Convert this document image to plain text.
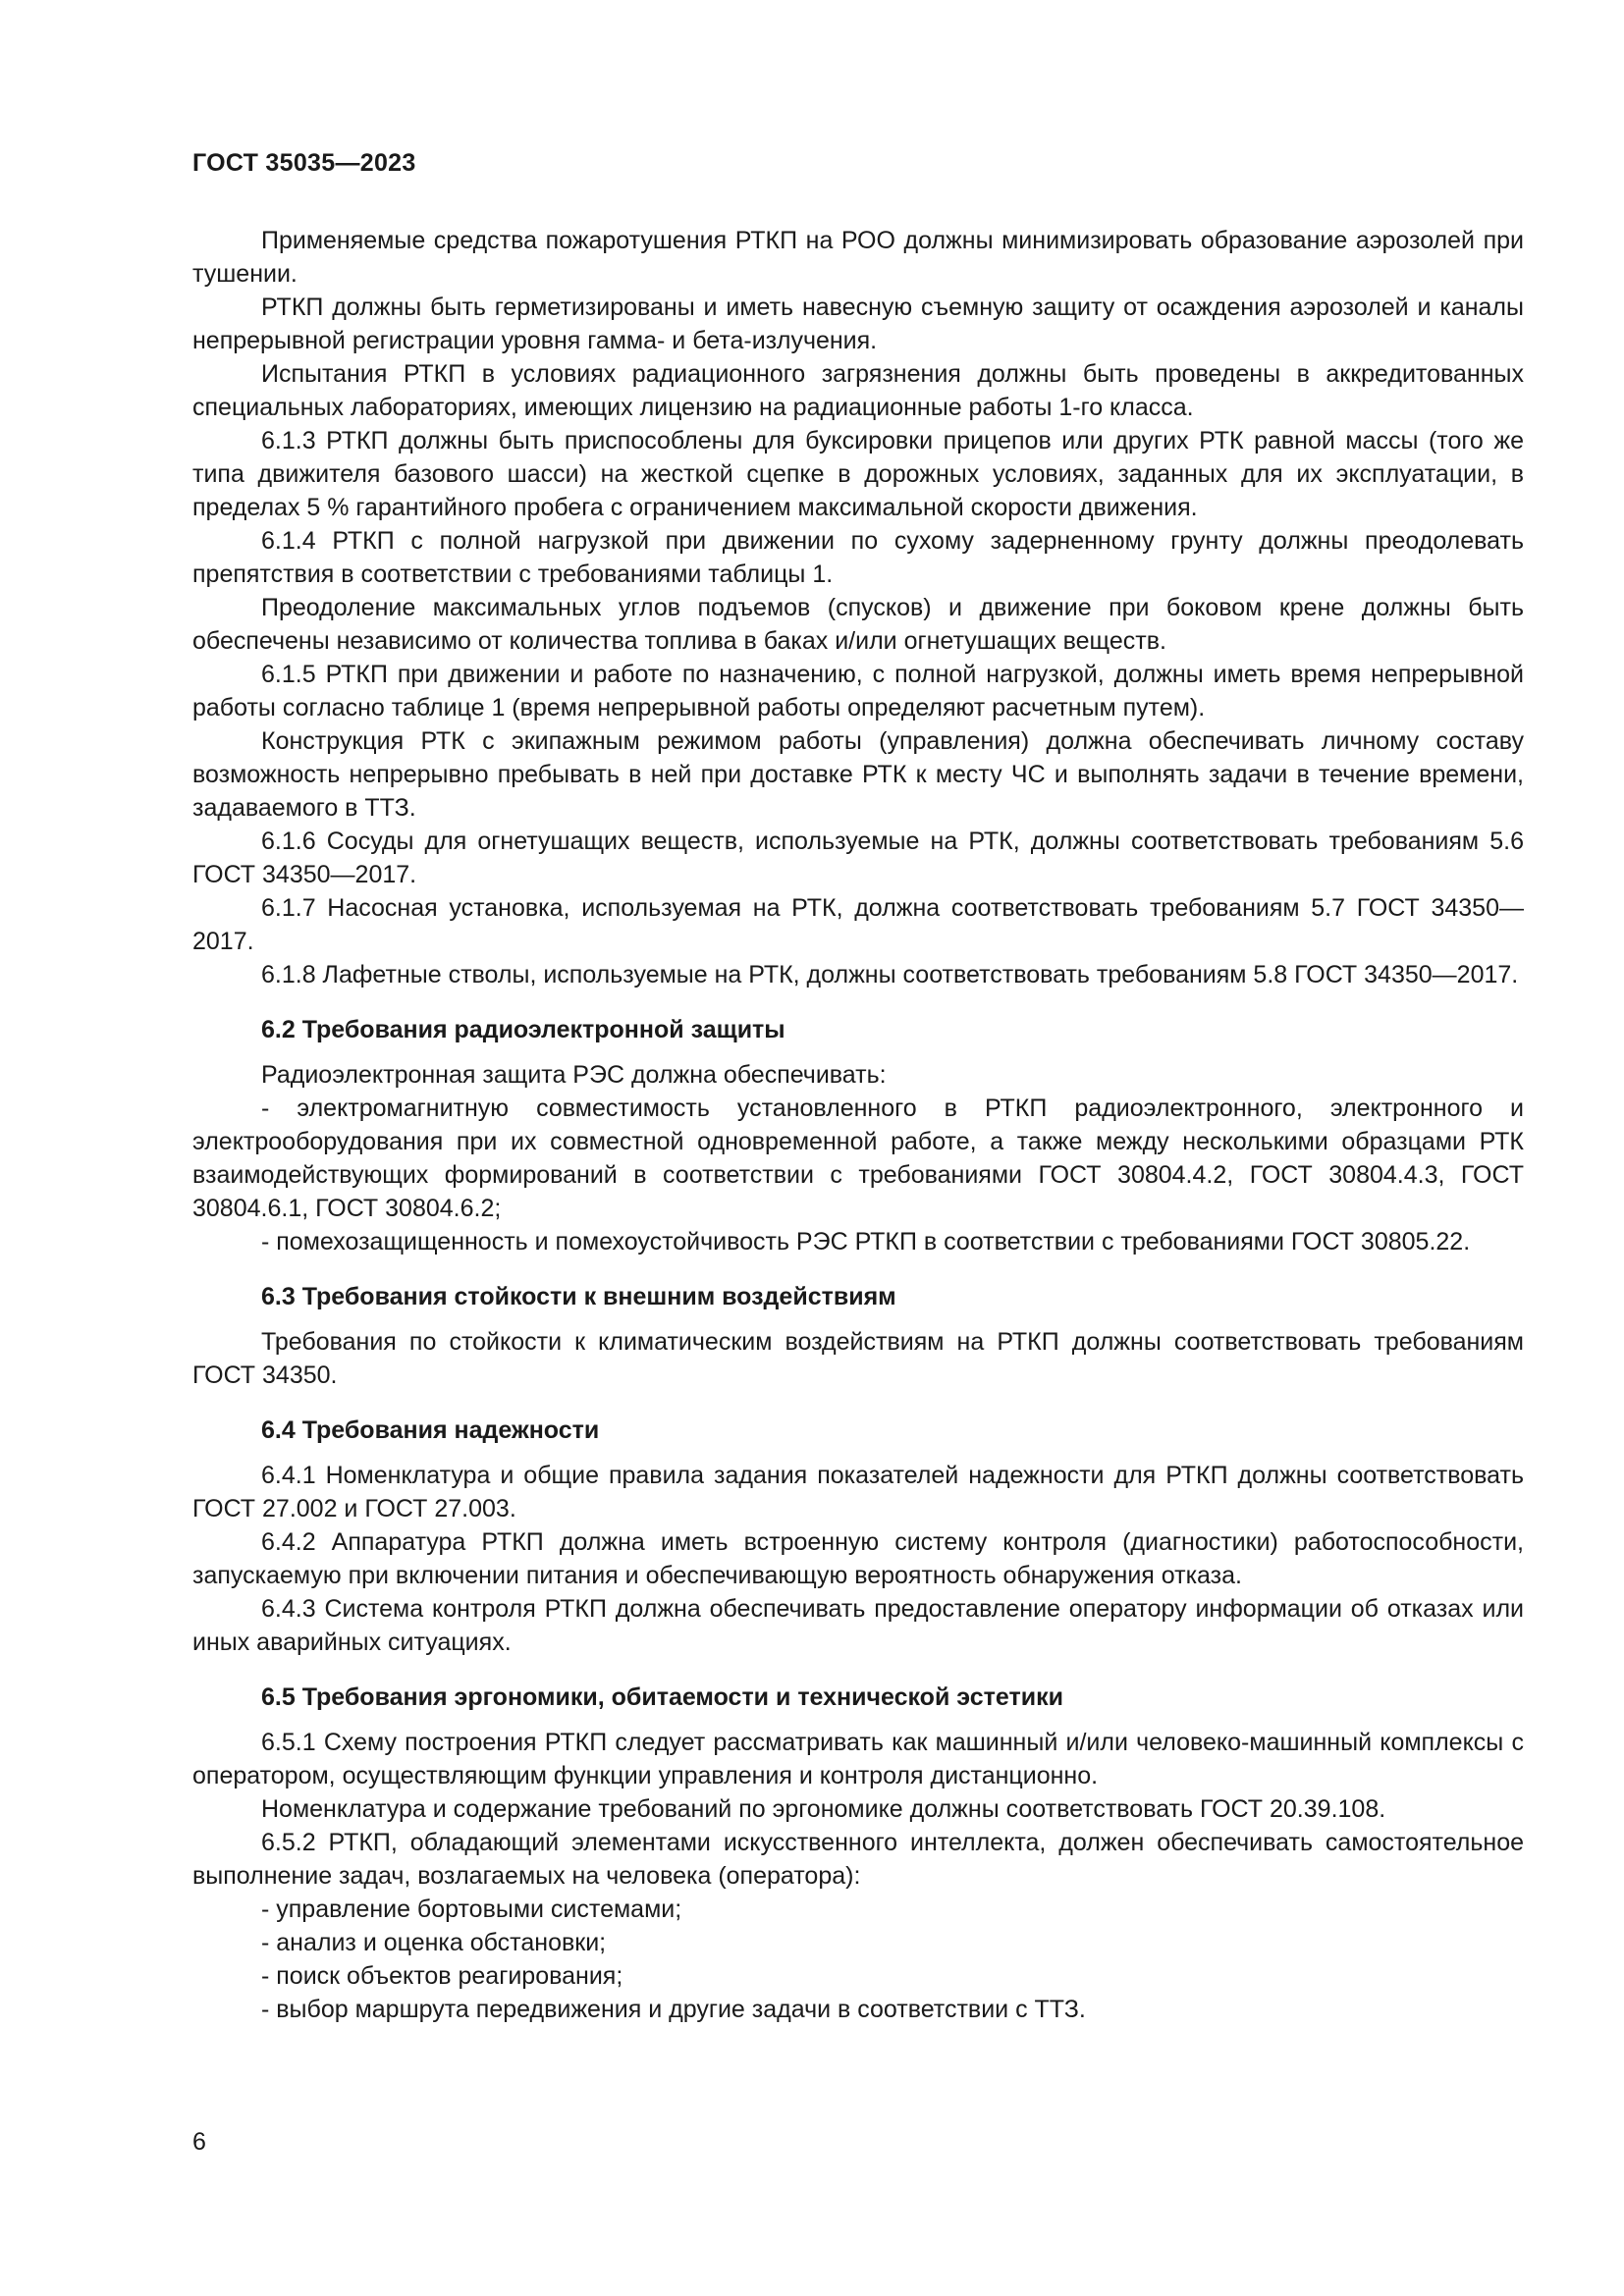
ГОСТ 35035—2023

Применяемые средства пожаротушения РТКП на РОО должны минимизировать образование аэрозолей при тушении.

РТКП должны быть герметизированы и иметь навесную съемную защиту от осаждения аэрозолей и каналы непрерывной регистрации уровня гамма- и бета-излучения.

Испытания РТКП в условиях радиационного загрязнения должны быть проведены в аккредитованных специальных лабораториях, имеющих лицензию на радиационные работы 1-го класса.

6.1.3 РТКП должны быть приспособлены для буксировки прицепов или других РТК равной массы (того же типа движителя базового шасси) на жесткой сцепке в дорожных условиях, заданных для их эксплуатации, в пределах 5 % гарантийного пробега с ограничением максимальной скорости движения.

6.1.4 РТКП с полной нагрузкой при движении по сухому задерненному грунту должны преодолевать препятствия в соответствии с требованиями таблицы 1.

Преодоление максимальных углов подъемов (спусков) и движение при боковом крене должны быть обеспечены независимо от количества топлива в баках и/или огнетушащих веществ.

6.1.5 РТКП при движении и работе по назначению, с полной нагрузкой, должны иметь время непрерывной работы согласно таблице 1 (время непрерывной работы определяют расчетным путем).

Конструкция РТК с экипажным режимом работы (управления) должна обеспечивать личному составу возможность непрерывно пребывать в ней при доставке РТК к месту ЧС и выполнять задачи в течение времени, задаваемого в ТТЗ.

6.1.6 Сосуды для огнетушащих веществ, используемые на РТК, должны соответствовать требованиям 5.6 ГОСТ 34350—2017.

6.1.7 Насосная установка, используемая на РТК, должна соответствовать требованиям 5.7 ГОСТ 34350—2017.

6.1.8 Лафетные стволы, используемые на РТК, должны соответствовать требованиям 5.8 ГОСТ 34350—2017.

6.2 Требования радиоэлектронной защиты

Радиоэлектронная защита РЭС должна обеспечивать:

- электромагнитную совместимость установленного в РТКП радиоэлектронного, электронного и электрооборудования при их совместной одновременной работе, а также между несколькими образцами РТК взаимодействующих формирований в соответствии с требованиями ГОСТ 30804.4.2, ГОСТ 30804.4.3, ГОСТ 30804.6.1, ГОСТ 30804.6.2;

- помехозащищенность и помехоустойчивость РЭС РТКП в соответствии с требованиями ГОСТ 30805.22.

6.3 Требования стойкости к внешним воздействиям

Требования по стойкости к климатическим воздействиям на РТКП должны соответствовать требованиям ГОСТ 34350.

6.4 Требования надежности

6.4.1 Номенклатура и общие правила задания показателей надежности для РТКП должны соответствовать ГОСТ 27.002 и ГОСТ 27.003.

6.4.2 Аппаратура РТКП должна иметь встроенную систему контроля (диагностики) работоспособности, запускаемую при включении питания и обеспечивающую вероятность обнаружения отказа.

6.4.3 Система контроля РТКП должна обеспечивать предоставление оператору информации об отказах или иных аварийных ситуациях.

6.5 Требования эргономики, обитаемости и технической эстетики

6.5.1 Схему построения РТКП следует рассматривать как машинный и/или человеко-машинный комплексы с оператором, осуществляющим функции управления и контроля дистанционно.

Номенклатура и содержание требований по эргономике должны соответствовать ГОСТ 20.39.108.

6.5.2 РТКП, обладающий элементами искусственного интеллекта, должен обеспечивать самостоятельное выполнение задач, возлагаемых на человека (оператора):

- управление бортовыми системами;

- анализ и оценка обстановки;

- поиск объектов реагирования;

- выбор маршрута передвижения и другие задачи в соответствии с ТТЗ.

6
